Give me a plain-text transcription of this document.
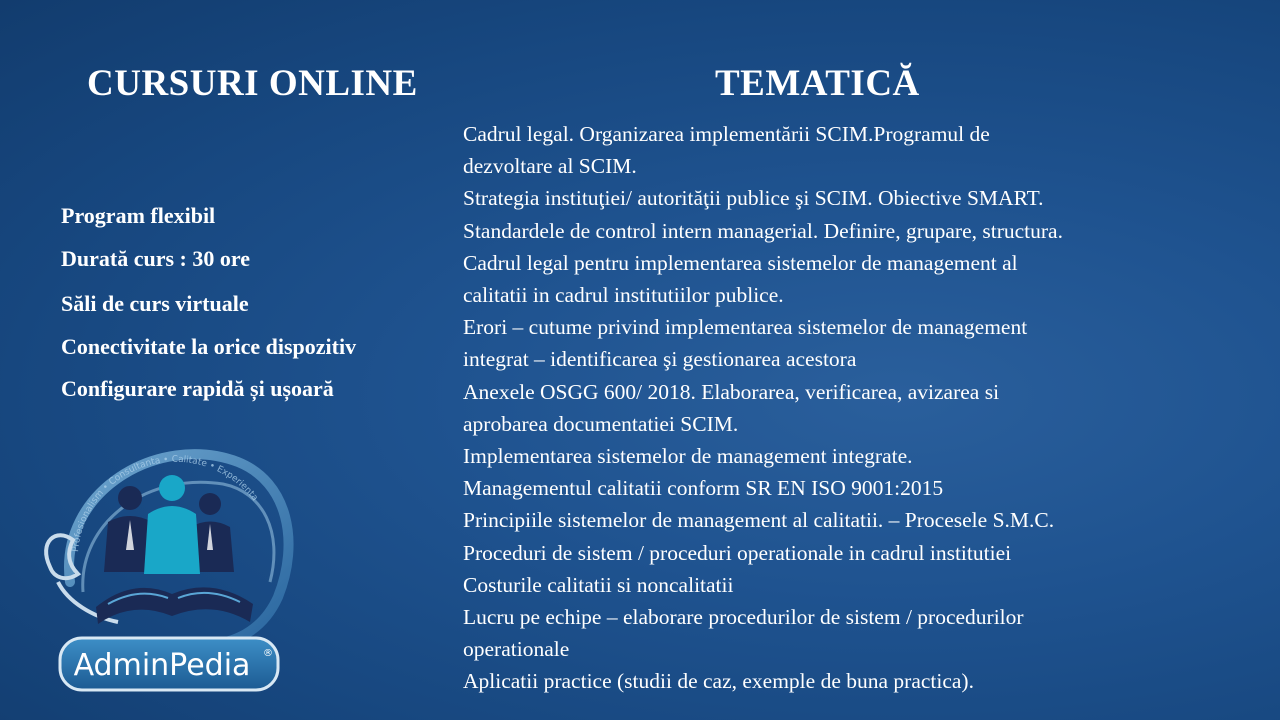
CURSURI ONLINE	TEMATICĂ
Program flexibil
Durată curs : 30 ore
Săli de curs virtuale
Conectivitate la orice dispozitiv
Configurare rapidă și ușoară
Cadrul legal. Organizarea implementării SCIM.Programul de
dezvoltare al SCIM.
Strategia instituţiei/ autorităţii publice şi SCIM. Obiective SMART.
Standardele de control intern managerial. Definire, grupare, structura.
Cadrul legal pentru implementarea sistemelor de management al
calitatii in cadrul institutiilor publice.
Erori – cutume privind implementarea sistemelor de management
integrat – identificarea şi gestionarea acestora
Anexele OSGG 600/ 2018. Elaborarea, verificarea, avizarea si
aprobarea documentatiei SCIM.
Implementarea sistemelor de management integrate.
Managementul calitatii conform SR EN ISO 9001:2015
Principiile sistemelor de management al calitatii. – Procesele S.M.C.
Proceduri de sistem / proceduri operationale in cadrul institutiei
Costurile calitatii si noncalitatii
Lucru pe echipe – elaborare procedurilor de sistem / procedurilor
operationale
Aplicatii practice (studii de caz, exemple de buna practica).
Profesionalism • Consultanta • Calitate • Experienta
AdminPedia ®
